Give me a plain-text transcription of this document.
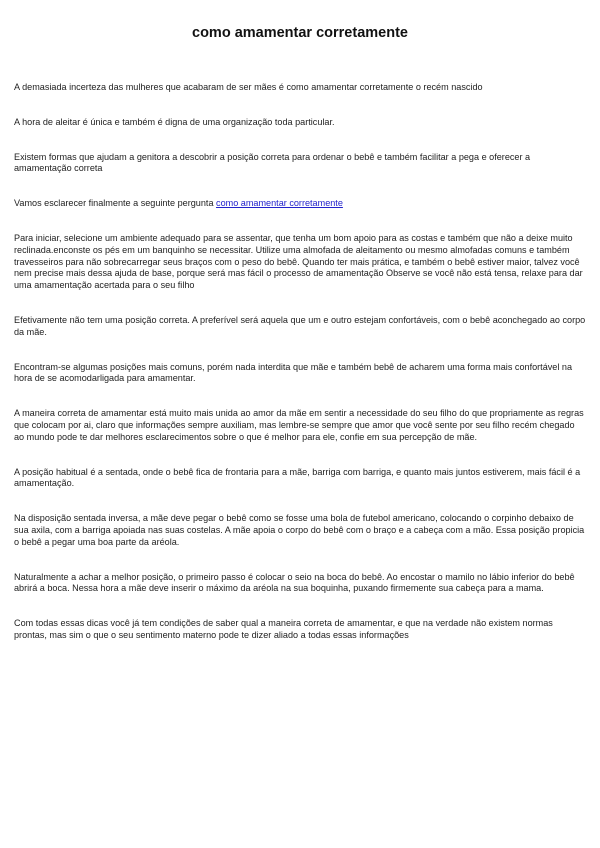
como amamentar corretamente

A demasiada incerteza das mulheres que acabaram de ser mães é como amamentar corretamente o recém nascido

A hora de aleitar é única e também é digna de uma organização toda particular.

Existem formas que ajudam a genitora a descobrir a posição correta para ordenar o bebê e também facilitar a pega e oferecer a amamentação correta

Vamos esclarecer finalmente a seguinte pergunta como amamentar corretamente

Para iniciar, selecione um ambiente adequado para se assentar, que tenha um bom apoio para as costas e também que não a deixe muito reclinada.enconste os pés em um banquinho se necessitar. Utilize uma almofada de aleitamento ou mesmo almofadas comuns e também travesseiros para não sobrecarregar seus braços com o peso do bebê. Quando ter mais prática, e também o bebê estiver maior, talvez você nem precise mais dessa ajuda de base, porque será mas fácil o processo de amamentação Observe se você não está tensa, relaxe para dar uma amamentação acertada para o seu filho

Efetivamente não tem uma posição correta. A preferível será aquela que um e outro estejam confortáveis, com o bebê aconchegado ao corpo da mãe.

Encontram-se algumas posições mais comuns, porém nada interdita que mãe e também bebê de acharem uma forma mais confortável na hora de se acomodarligada para amamentar.

A maneira correta de amamentar está muito mais unida ao amor da mãe em sentir a necessidade do seu filho do que propriamente as regras que colocam por ai, claro que informações sempre auxiliam, mas lembre-se sempre que amor que você sente por seu filho recém chegado ao mundo pode te dar melhores esclarecimentos sobre o que é melhor para ele, confie em sua percepção de mãe.

A posição habitual é a sentada, onde o bebê fica de frontaria para a mãe, barriga com barriga, e quanto mais juntos estiverem, mais fácil é a amamentação.

Na disposição sentada inversa, a mãe deve pegar o bebê como se fosse uma bola de futebol americano, colocando o corpinho debaixo de sua axila, com a barriga apoiada nas suas costelas. A mãe apoia o corpo do bebê com o braço e a cabeça com a mão. Essa posição propicia o bebê a pegar uma boa parte da aréola.

Naturalmente a achar a melhor posição, o primeiro passo é colocar o seio na boca do bebê. Ao encostar o mamilo no lábio inferior do bebê abrirá a boca. Nessa hora a mãe deve inserir o máximo da aréola na sua boquinha, puxando firmemente sua cabeça para a mama.

Com todas essas dicas você já tem condições de saber qual a maneira correta de amamentar, e que na verdade não existem normas prontas, mas sim o que o seu sentimento materno pode te dizer aliado a todas essas informações
